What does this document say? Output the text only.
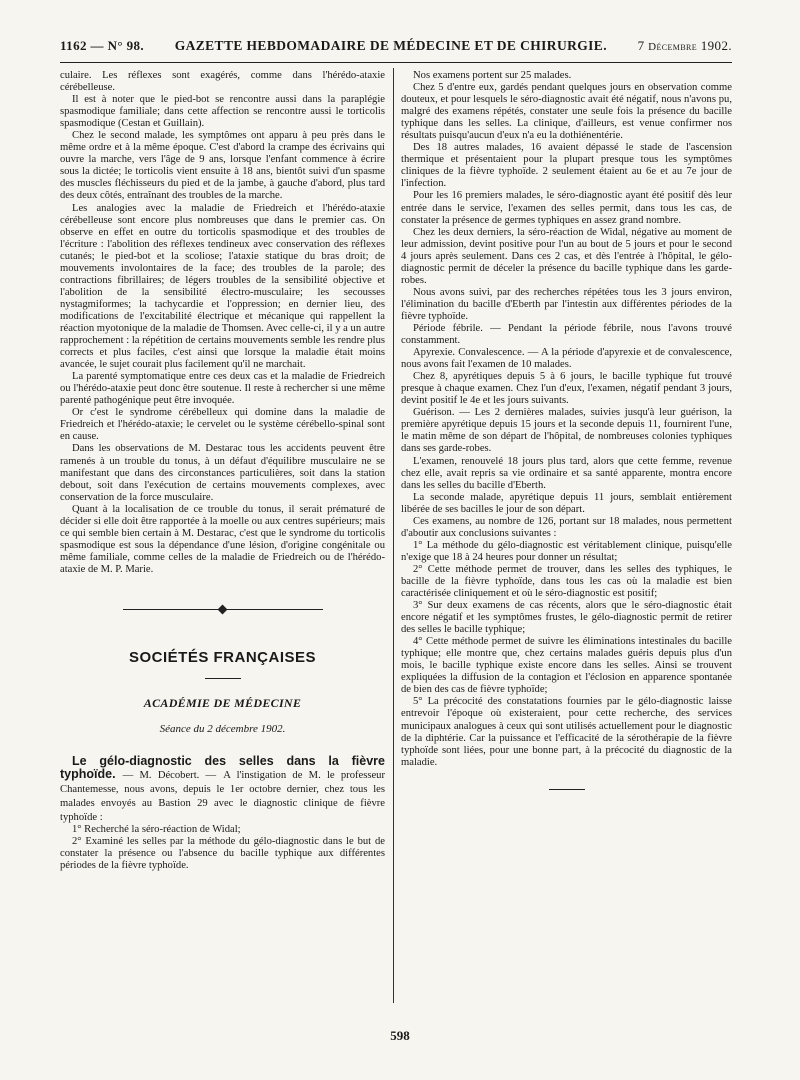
1162 — N° 98. GAZETTE HEBDOMADAIRE DE MÉDECINE ET DE CHIRURGIE. 7 Décembre 1902.

culaire. Les réflexes sont exagérés, comme dans l'hérédo-ataxie cérébelleuse.

Il est à noter que le pied-bot se rencontre aussi dans la paraplégie spasmodique familiale; dans cette affection se rencontre aussi le torticolis spasmodique (Cestan et Guillain).

Chez le second malade, les symptômes ont apparu à peu près dans le même ordre et à la même époque. C'est d'abord la crampe des écrivains qui ouvre la marche, vers l'âge de 9 ans, lorsque l'enfant commence à écrire sous la dictée; le torticolis vient ensuite à 18 ans, bientôt suivi d'un spasme des muscles fléchisseurs du pied et de la jambe, à gauche d'abord, plus tard des deux côtés, entraînant des troubles de la marche.

Les analogies avec la maladie de Friedreich et l'hérédo-ataxie cérébelleuse sont encore plus nombreuses que dans le premier cas. On observe en effet en outre du torticolis spasmodique et des troubles de l'écriture : l'abolition des réflexes tendineux avec conservation des réflexes cutanés; le pied-bot et la scoliose; l'ataxie statique du bras droit; de mouvements involontaires de la face; des troubles de la parole; des contractions fibrillaires; de légers troubles de la sensibilité objective et l'abolition de la sensibilité électro-musculaire; les secousses nystagmiformes; la tachycardie et l'oppression; en dernier lieu, des modifications de l'excitabilité électrique et mécanique qui rappellent la réaction myotonique de la maladie de Thomsen. Avec celle-ci, il y a un autre rapprochement : la répétition de certains mouvements semble les rendre plus corrects et plus faciles, c'est ainsi que lorsque la maladie était moins avancée, le sujet courait plus facilement qu'il ne marchait.

La parenté symptomatique entre ces deux cas et la maladie de Friedreich ou l'hérédo-ataxie peut donc être soutenue. Il reste à rechercher si une même parenté pathogénique peut être invoquée.

Or c'est le syndrome cérébelleux qui domine dans la maladie de Friedreich et l'hérédo-ataxie; le cervelet ou le système cérébello-spinal sont en cause.

Dans les observations de M. Destarac tous les accidents peuvent être ramenés à un trouble du tonus, à un défaut d'équilibre musculaire ne se manifestant que dans des circonstances particulières, soit dans la station debout, soit dans l'exécution de certains mouvements complexes, avec conservation de la force musculaire.

Quant à la localisation de ce trouble du tonus, il serait prématuré de décider si elle doit être rapportée à la moelle ou aux centres supérieurs; mais ce qui semble bien certain à M. Destarac, c'est que le syndrome du torticolis spasmodique est sous la dépendance d'une lésion, d'origine congénitale ou même familiale, comme celles de la maladie de Friedreich ou de l'hérédo-ataxie de M. P. Marie.

SOCIÉTÉS FRANÇAISES
ACADÉMIE DE MÉDECINE
Séance du 2 décembre 1902.
Le gélo-diagnostic des selles dans la fièvre typhoïde. — M. Décobert. — A l'instigation de M. le professeur Chantemesse, nous avons, depuis le 1er octobre dernier, chez tous les malades envoyés au Bastion 29 avec le diagnostic clinique de fièvre typhoïde :

1° Recherché la séro-réaction de Widal;

2° Examiné les selles par la méthode du gélo-diagnostic dans le but de constater la présence ou l'absence du bacille typhique aux différentes périodes de la fièvre typhoïde.

Nos examens portent sur 25 malades.

Chez 5 d'entre eux, gardés pendant quelques jours en observation comme douteux, et pour lesquels le séro-diagnostic avait été négatif, nous n'avons pu, malgré des examens répétés, constater une seule fois la présence du bacille typhique dans les selles. La clinique, d'ailleurs, est venue confirmer nos résultats puisqu'aucun d'eux n'a eu la dothiénentérie.

Des 18 autres malades, 16 avaient dépassé le stade de l'ascension thermique et présentaient pour la plupart presque tous les symptômes cliniques de la fièvre typhoïde. 2 seulement étaient au 6e et au 7e jour de l'infection.

Pour les 16 premiers malades, le séro-diagnostic ayant été positif dès leur entrée dans le service, l'examen des selles permit, dans tous les cas, de constater la présence de germes typhiques en assez grand nombre.

Chez les deux derniers, la séro-réaction de Widal, négative au moment de leur admission, devint positive pour l'un au bout de 5 jours et pour le second 4 jours après seulement. Dans ces 2 cas, et dès l'entrée à l'hôpital, le gélo-diagnostic permit de déceler la présence du bacille typhique dans les garde-robes.

Nous avons suivi, par des recherches répétées tous les 3 jours environ, l'élimination du bacille d'Eberth par l'intestin aux différentes périodes de la fièvre typhoïde.

Période fébrile. — Pendant la période fébrile, nous l'avons trouvé constamment.

Apyrexie. Convalescence. — A la période d'apyrexie et de convalescence, nous avons fait l'examen de 10 malades.

Chez 8, apyrétiques depuis 5 à 6 jours, le bacille typhique fut trouvé presque à chaque examen. Chez l'un d'eux, l'examen, négatif pendant 3 jours, devint positif le 4e et les jours suivants.

Guérison. — Les 2 dernières malades, suivies jusqu'à leur guérison, la première apyrétique depuis 15 jours et la seconde depuis 11, fournirent l'une, le matin même de son départ de l'hôpital, de nombreuses colonies typhiques dans ses garde-robes.

L'examen, renouvelé 18 jours plus tard, alors que cette femme, revenue chez elle, avait repris sa vie ordinaire et sa santé apparente, montra encore dans les selles du bacille d'Eberth.

La seconde malade, apyrétique depuis 11 jours, semblait entièrement libérée de ses bacilles le jour de son départ.

Ces examens, au nombre de 126, portant sur 18 malades, nous permettent d'aboutir aux conclusions suivantes :

1° La méthode du gélo-diagnostic est véritablement clinique, puisqu'elle n'exige que 18 à 24 heures pour donner un résultat;

2° Cette méthode permet de trouver, dans les selles des typhiques, le bacille de la fièvre typhoïde, dans tous les cas où la maladie est bien caractérisée cliniquement et où le séro-diagnostic est positif;

3° Sur deux examens de cas récents, alors que le séro-diagnostic était encore négatif et les symptômes frustes, le gélo-diagnostic permit de retirer des selles le bacille typhique;

4° Cette méthode permet de suivre les éliminations intestinales du bacille typhique; elle montre que, chez certains malades guéris depuis plus d'un mois, le bacille typhique existe encore dans les selles. Ainsi se trouvent expliquées la diffusion de la contagion et l'éclosion en apparence spontanée de bien des cas de fièvre typhoïde;

5° La précocité des constatations fournies par le gélo-diagnostic laisse entrevoir l'époque où existeraient, pour cette recherche, des services municipaux analogues à ceux qui sont utilisés actuellement pour le diagnostic de la diphtérie. Car la puissance et l'efficacité de la sérothérapie de la fièvre typhoïde sont liées, pour une bonne part, à la précocité du diagnostic de la maladie.

598
